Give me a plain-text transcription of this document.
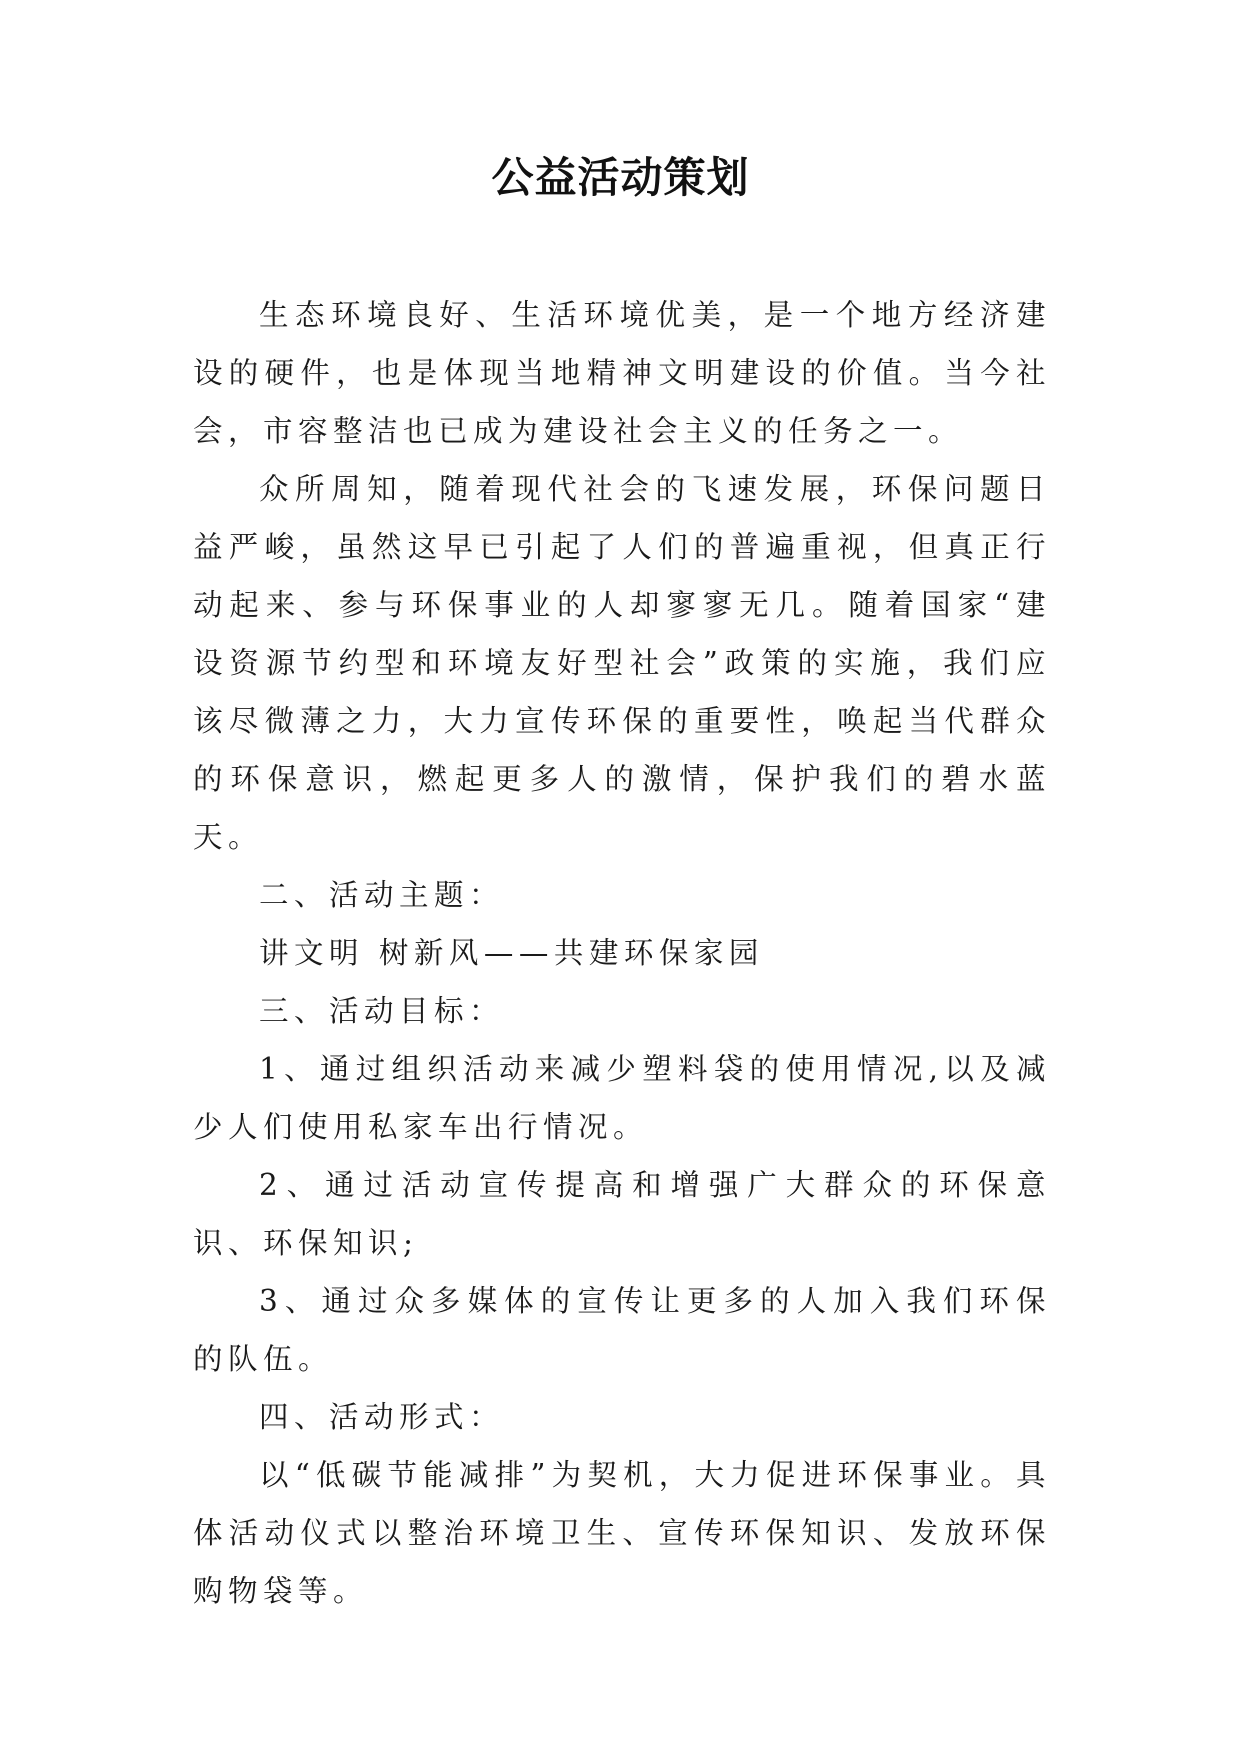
公益活动策划

生态环境良好、生活环境优美，是一个地方经济建设的硬件，也是体现当地精神文明建设的价值。当今社会，市容整洁也已成为建设社会主义的任务之一。

众所周知，随着现代社会的飞速发展，环保问题日益严峻，虽然这早已引起了人们的普遍重视，但真正行动起来、参与环保事业的人却寥寥无几。随着国家“建设资源节约型和环境友好型社会”政策的实施，我们应该尽微薄之力，大力宣传环保的重要性，唤起当代群众的环保意识，燃起更多人的激情，保护我们的碧水蓝天。

二、活动主题：

讲文明 树新风——共建环保家园

三、活动目标：

1、通过组织活动来减少塑料袋的使用情况,以及减少人们使用私家车出行情况。

2、通过活动宣传提高和增强广大群众的环保意识、环保知识;

3、通过众多媒体的宣传让更多的人加入我们环保的队伍。

四、活动形式：

以“低碳节能减排”为契机，大力促进环保事业。具体活动仪式以整治环境卫生、宣传环保知识、发放环保购物袋等。
